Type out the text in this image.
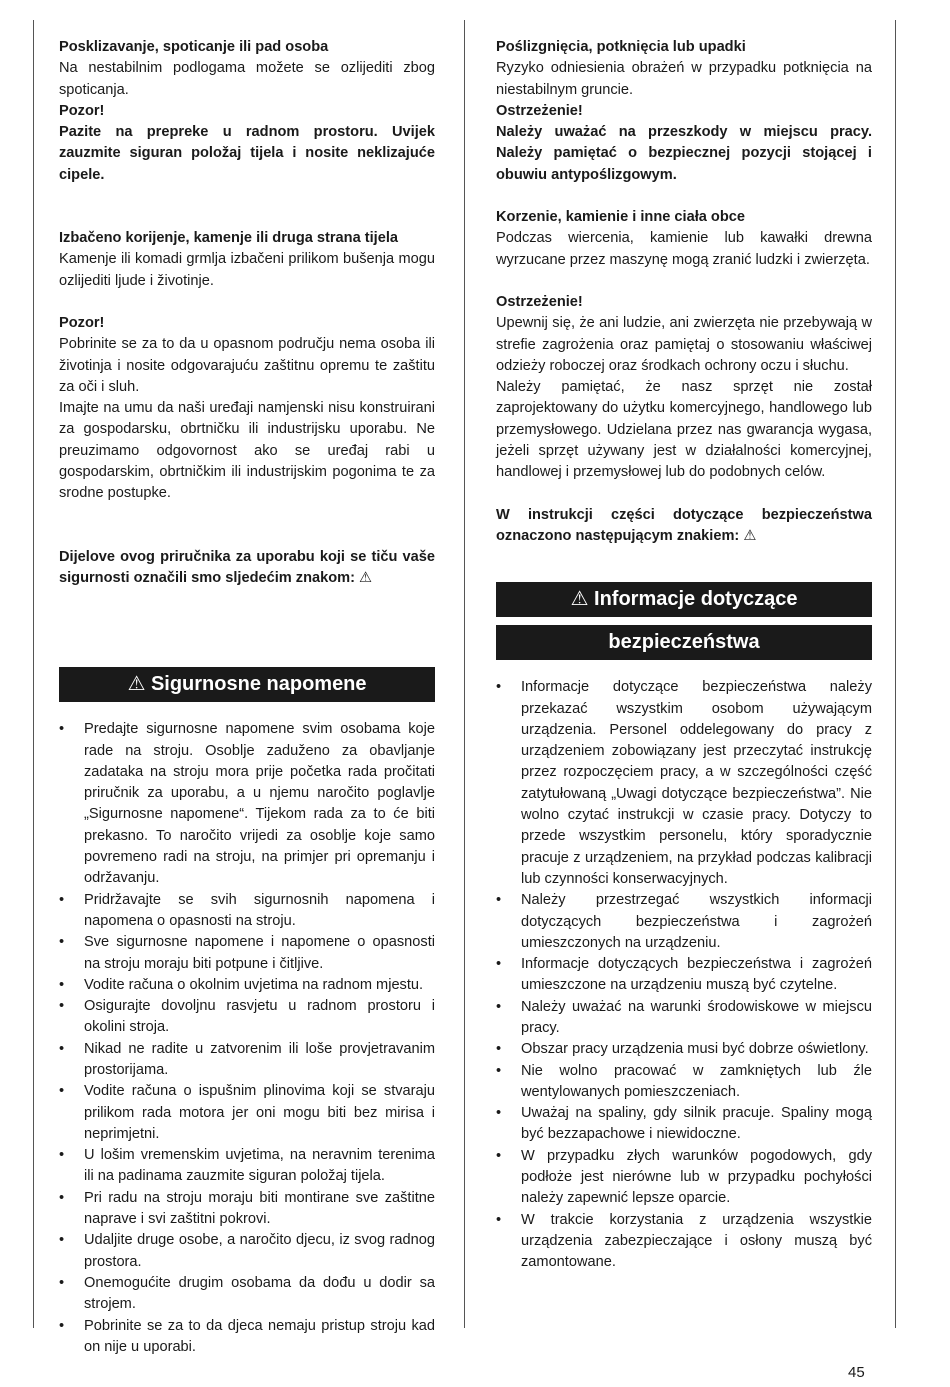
Posklizavanje, spoticanje ili pad osoba

Na nestabilnim podlogama možete se ozlijediti zbog spoticanja.

Pozor!

Pazite na prepreke u radnom prostoru. Uvijek zauzmite siguran položaj tijela i nosite neklizajuće cipele.

Izbačeno korijenje, kamenje ili druga strana tijela

Kamenje ili komadi grmlja izbačeni prilikom bušenja mogu ozlijediti ljude i životinje.

Pozor!

Pobrinite se za to da u opasnom području nema osoba ili životinja i nosite odgovarajuću zaštitnu opremu te zaštitu za oči i sluh.

Imajte na umu da naši uređaji namjenski nisu konstruirani za gospodarsku, obrtničku ili industrijsku uporabu. Ne preuzimamo odgovornost ako se uređaj rabi u gospodarskim, obrtničkim ili industrijskim pogonima te za srodne postupke.

Dijelove ovog priručnika za uporabu koji se tiču vaše sigurnosti označili smo sljedećim znakom: ⚠

⚠ Sigurnosne napomene
• Predajte sigurnosne napomene svim osobama koje rade na stroju. Osoblje zaduženo za obavljanje zadataka na stroju mora prije početka rada pročitati priručnik za uporabu, a u njemu naročito poglavlje „Sigurnosne napomene“. Tijekom rada za to će biti prekasno. To naročito vrijedi za osoblje koje samo povremeno radi na stroju, na primjer pri opremanju i održavanju.
• Pridržavajte se svih sigurnosnih napomena i napomena o opasnosti na stroju.
• Sve sigurnosne napomene i napomene o opasnosti na stroju moraju biti potpune i čitljive.
• Vodite računa o okolnim uvjetima na radnom mjestu.
• Osigurajte dovoljnu rasvjetu u radnom prostoru i okolini stroja.
• Nikad ne radite u zatvorenim ili loše provjetravanim prostorijama.
• Vodite računa o ispušnim plinovima koji se stvaraju prilikom rada motora jer oni mogu biti bez mirisa i neprimjetni.
• U lošim vremenskim uvjetima, na neravnim terenima ili na padinama zauzmite siguran položaj tijela.
• Pri radu na stroju moraju biti montirane sve zaštitne naprave i svi zaštitni pokrovi.
• Udaljite druge osobe, a naročito djecu, iz svog radnog prostora.
• Onemogućite drugim osobama da dođu u dodir sa strojem.
• Pobrinite se za to da djeca nemaju pristup stroju kad on nije u uporabi.

Poślizgnięcia, potknięcia lub upadki

Ryzyko odniesienia obrażeń w przypadku potknięcia na niestabilnym gruncie.

Ostrzeżenie!

Należy uważać na przeszkody w miejscu pracy. Należy pamiętać o bezpiecznej pozycji stojącej i obuwiu antypoślizgowym.

Korzenie, kamienie i inne ciała obce

Podczas wiercenia, kamienie lub kawałki drewna wyrzucane przez maszynę mogą zranić ludzki i zwierzęta.

Ostrzeżenie!

Upewnij się, że ani ludzie, ani zwierzęta nie przebywają w strefie zagrożenia oraz pamiętaj o stosowaniu właściwej odzieży roboczej oraz środkach ochrony oczu i słuchu.

Należy pamiętać, że nasz sprzęt nie został zaprojektowany do użytku komercyjnego, handlowego lub przemysłowego. Udzielana przez nas gwarancja wygasa, jeżeli sprzęt używany jest w działalności komercyjnej, handlowej i przemysłowej lub do podobnych celów.

W instrukcji części dotyczące bezpieczeństwa oznaczono następującym znakiem: ⚠

⚠ Informacje dotyczące
bezpieczeństwa
• Informacje dotyczące bezpieczeństwa należy przekazać wszystkim osobom używającym urządzenia. Personel oddelegowany do pracy z urządzeniem zobowiązany jest przeczytać instrukcję przez rozpoczęciem pracy, a w szczególności część zatytułowaną „Uwagi dotyczące bezpieczeństwa”. Nie wolno czytać instrukcji w czasie pracy. Dotyczy to przede wszystkim personelu, który sporadycznie pracuje z urządzeniem, na przykład podczas kalibracji lub czynności konserwacyjnych.
• Należy przestrzegać wszystkich informacji dotyczących bezpieczeństwa i zagrożeń umieszczonych na urządzeniu.
• Informacje dotyczących bezpieczeństwa i zagrożeń umieszczone na urządzeniu muszą być czytelne.
• Należy uważać na warunki środowiskowe w miejscu pracy.
• Obszar pracy urządzenia musi być dobrze oświetlony.
• Nie wolno pracować w zamkniętych lub źle wentylowanych pomieszczeniach.
• Uważaj na spaliny, gdy silnik pracuje. Spaliny mogą być bezzapachowe i niewidoczne.
• W przypadku złych warunków pogodowych, gdy podłoże jest nierówne lub w przypadku pochyłości należy zapewnić lepsze oparcie.
• W trakcie korzystania z urządzenia wszystkie urządzenia zabezpieczające i osłony muszą być zamontowane.
45
